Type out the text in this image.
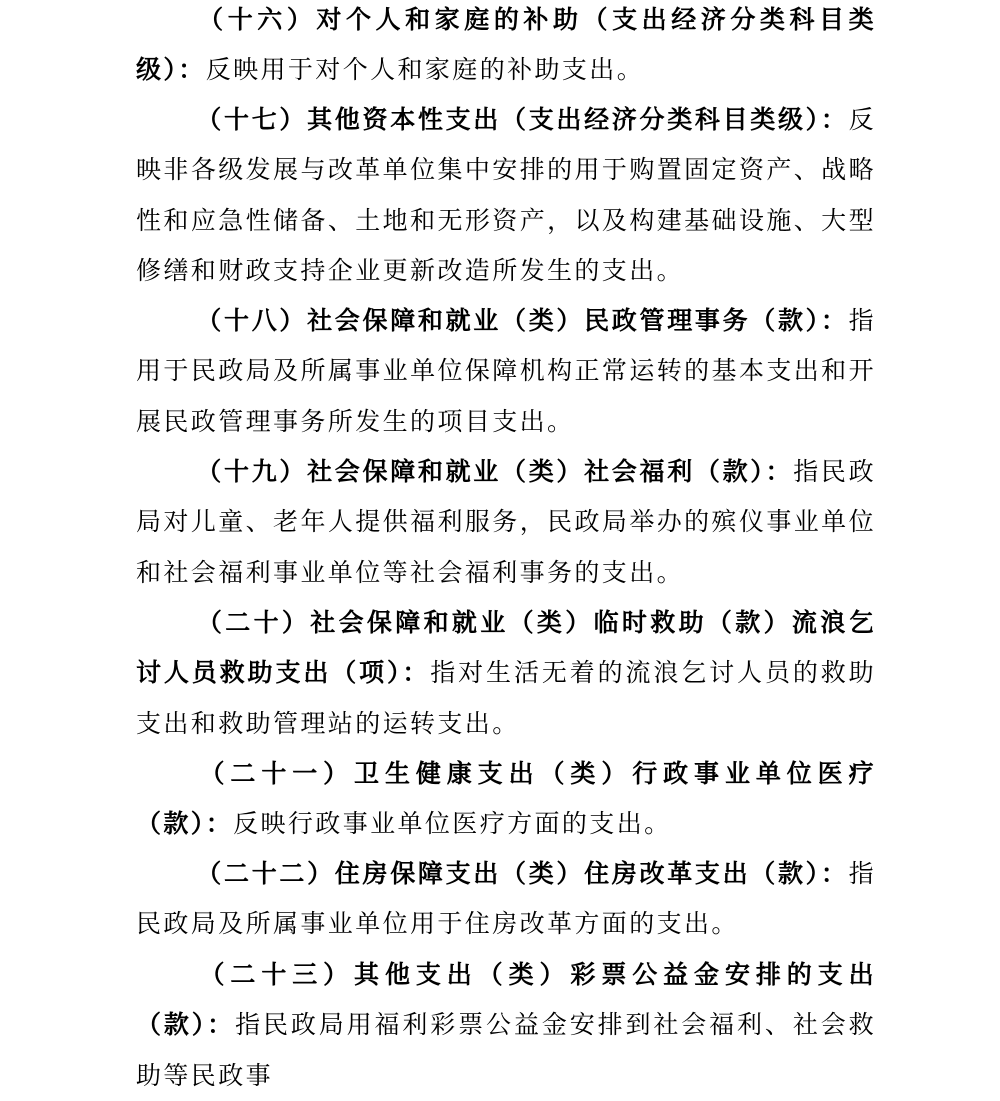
（十六）对个人和家庭的补助（支出经济分类科目类级）：反映用于对个人和家庭的补助支出。

（十七）其他资本性支出（支出经济分类科目类级）：反映非各级发展与改革单位集中安排的用于购置固定资产、战略性和应急性储备、土地和无形资产，以及构建基础设施、大型修缮和财政支持企业更新改造所发生的支出。

（十八）社会保障和就业（类）民政管理事务（款）：指用于民政局及所属事业单位保障机构正常运转的基本支出和开展民政管理事务所发生的项目支出。

（十九）社会保障和就业（类）社会福利（款）：指民政局对儿童、老年人提供福利服务，民政局举办的殡仪事业单位和社会福利事业单位等社会福利事务的支出。

（二十）社会保障和就业（类）临时救助（款）流浪乞讨人员救助支出（项）：指对生活无着的流浪乞讨人员的救助支出和救助管理站的运转支出。

（二十一）卫生健康支出（类）行政事业单位医疗（款）：反映行政事业单位医疗方面的支出。

（二十二）住房保障支出（类）住房改革支出（款）：指民政局及所属事业单位用于住房改革方面的支出。

（二十三）其他支出（类）彩票公益金安排的支出（款）：指民政局用福利彩票公益金安排到社会福利、社会救助等民政事
